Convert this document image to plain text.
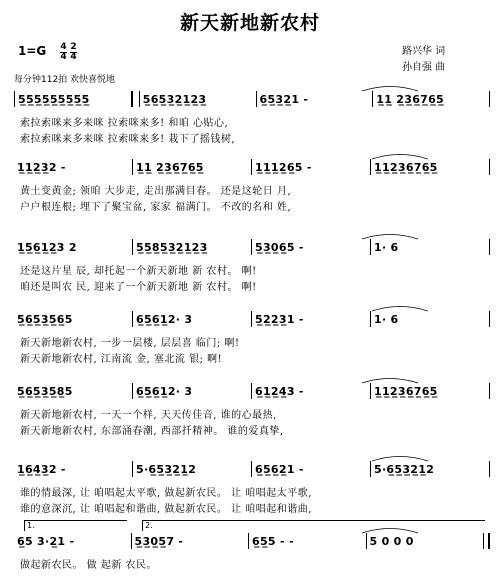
新天新地新农村
$1=G \frac{4}{4} \frac{2}{4}$
每分钟112拍 欢快喜悦地
路兴华 词
孙自强 曲
5̲5̲5̲5̲5̲5̲5̲5̲5̲	5̲6̲5̲3̲2̲1̲2̲3̲	6̲5̲3̲2̲1 -	1̲1̲ 2̲3̲6̲7̲6̲5̲
索拉索咪来多来咪 拉索咪来多! 和咱 心贴心,
索拉索咪来多来咪 拉索咪来多! 栽下了摇钱树,
1̲1̲2̲3̲2 -	1̲1̲ 2̲3̲6̲7̲6̲5̲	1̲1̲1̲2̲6̲5 -	1̲1̲2̲3̲6̲7̲6̲5̲
黄土变黄金; 领咱 大步走, 走出那满目春。 还是这轮日 月,
户户根连根; 埋下了聚宝盆, 家家 福满门。 不改的名和 姓,
1̲5̲6̲1̲2̲3 2	5̲5̲8̲5̲3̲2̲1̲2̲3̲	5̲3̲0̲6̲5 -	1· 6
还是这片星 辰, 却托起一个新天新地 新 农村。 啊!
咱还是叫农 民, 迎来了一个新天新地 新 农村。 啊!
5̲6̲5̲3̲5̲6̲5	6̲5̲6̲1̲2· 3	5̲2̲2̲3̲1 -	1· 6
新天新地新农村, 一步一层楼, 层层喜 临门; 啊!
新天新地新农村, 江南流 金, 塞北流 银; 啊!
5̲6̲5̲3̲5̲8̲5	6̲5̲6̲1̲2· 3	6̲1̲2̲4̲3 -	1̲1̲2̲3̲6̲7̲6̲5̲
新天新地新农村, 一天一个样, 天天传佳音, 谁的心最热,
新天新地新农村, 东部涌春潮, 西部扦精神。 谁的爱真挚,
1̲6̲4̲3̲2 -	5·6̲5̲3̲2̲1̲2	6̲5̲6̲2̲1 -	5·6̲5̲3̲2̲1̲2
谁的情最深, 让 咱唱起太平歌, 做起新农民。 让 咱唱起太平歌,
谁的意深沉, 让 咱唱起和谐曲, 做起新农民。 让 咱唱起和谐曲,
6̲5 3·2̲1 -	5̲3̲0̲5̲7 -	6̲5̲5 - -	5 0 0 0
1.	2.
做起新农民。 做 起新 农民。
